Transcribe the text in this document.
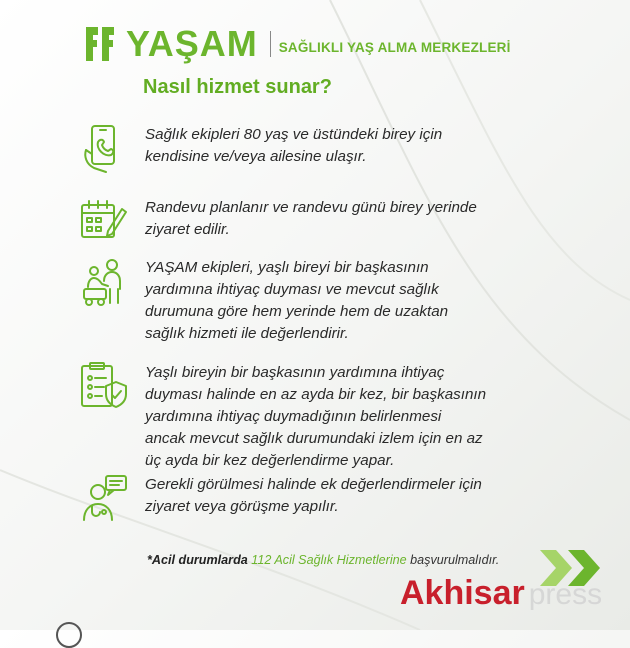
YAŞAM SAĞLIKLI YAŞ ALMA MERKEZLERİ
Nasıl hizmet sunar?
Sağlık ekipleri 80 yaş ve üstündeki birey için
kendisine ve/veya ailesine ulaşır.
Randevu planlanır ve randevu günü birey yerinde
ziyaret edilir.
YAŞAM ekipleri, yaşlı bireyi bir başkasının
yardımına ihtiyaç duyması ve mevcut sağlık
durumuna göre hem yerinde hem de uzaktan
sağlık hizmeti ile değerlendirir.
Yaşlı bireyin bir başkasının yardımına ihtiyaç
duyması halinde en az ayda bir kez, bir başkasının
yardımına ihtiyaç duymadığının belirlenmesi
ancak mevcut sağlık durumundaki izlem için en az
üç ayda bir kez değerlendirme yapar.
Gerekli görülmesi halinde ek değerlendirmeler için
ziyaret veya görüşme yapılır.
*Acil durumlarda 112 Acil Sağlık Hizmetlerine başvurulmalıdır.
Akhisar press
